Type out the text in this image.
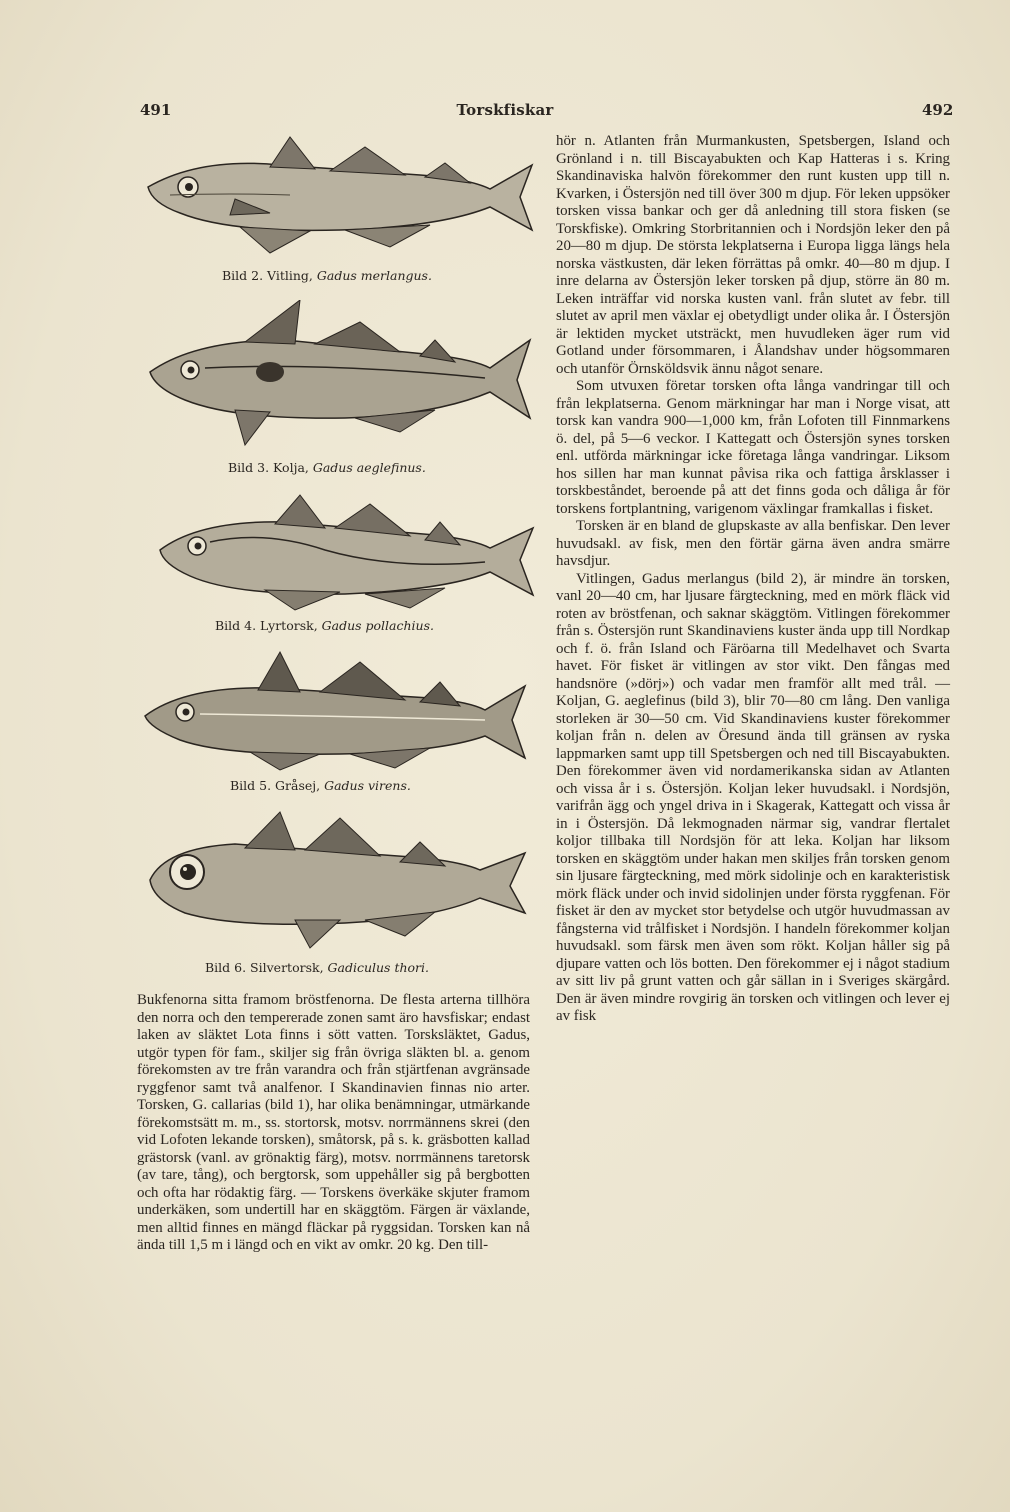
491	Torskfiskar	492
Bild 2. Vitling, Gadus merlangus.
Bild 3. Kolja, Gadus aeglefinus.
Bild 4. Lyrtorsk, Gadus pollachius.
Bild 5. Gråsej, Gadus virens.
Bild 6. Silvertorsk, Gadiculus thori.

Bukfenorna sitta framom bröstfenorna. De flesta arterna tillhöra den norra och den tempererade zonen samt äro havsfiskar; endast laken av släktet Lota finns i sött vatten. Torsksläktet, Gadus, utgör typen för fam., skiljer sig från övriga släkten bl. a. genom förekomsten av tre från varandra och från stjärtfenan avgränsade ryggfenor samt två analfenor. I Skandinavien finnas nio arter. Torsken, G. callarias (bild 1), har olika benämningar, utmärkande förekomstsätt m. m., ss. stortorsk, motsv. norrmännens skrei (den vid Lofoten lekande torsken), småtorsk, på s. k. gräsbotten kallad grästorsk (vanl. av grönaktig färg), motsv. norrmännens taretorsk (av tare, tång), och bergtorsk, som uppehåller sig på bergbotten och ofta har rödaktig färg. — Torskens överkäke skjuter framom underkäken, som undertill har en skäggtöm. Färgen är växlande, men alltid finnes en mängd fläckar på ryggsidan. Torsken kan nå ända till 1,5 m i längd och en vikt av omkr. 20 kg. Den till-

hör n. Atlanten från Murmankusten, Spetsbergen, Island och Grönland i n. till Biscayabukten och Kap Hatteras i s. Kring Skandinaviska halvön förekommer den runt kusten upp till n. Kvarken, i Östersjön ned till över 300 m djup. För leken uppsöker torsken vissa bankar och ger då anledning till stora fisken (se Torskfiske). Omkring Storbritannien och i Nordsjön leker den på 20—80 m djup. De största lekplatserna i Europa ligga längs hela norska västkusten, där leken förrättas på omkr. 40—80 m djup. I inre delarna av Östersjön leker torsken på djup, större än 80 m. Leken inträffar vid norska kusten vanl. från slutet av febr. till slutet av april men växlar ej obetydligt under olika år. I Östersjön är lektiden mycket utsträckt, men huvudleken äger rum vid Gotland under försommaren, i Ålandshav under högsommaren och utanför Örnsköldsvik ännu något senare.

Som utvuxen företar torsken ofta långa vandringar till och från lekplatserna. Genom märkningar har man i Norge visat, att torsk kan vandra 900—1,000 km, från Lofoten till Finnmarkens ö. del, på 5—6 veckor. I Kattegatt och Östersjön synes torsken enl. utförda märkningar icke företaga långa vandringar. Liksom hos sillen har man kunnat påvisa rika och fattiga årsklasser i torskbeståndet, beroende på att det finns goda och dåliga år för torskens fortplantning, varigenom växlingar framkallas i fisket.

Torsken är en bland de glupskaste av alla benfiskar. Den lever huvudsakl. av fisk, men den förtär gärna även andra smärre havsdjur.

Vitlingen, Gadus merlangus (bild 2), är mindre än torsken, vanl 20—40 cm, har ljusare färgteckning, med en mörk fläck vid roten av bröstfenan, och saknar skäggtöm. Vitlingen förekommer från s. Östersjön runt Skandinaviens kuster ända upp till Nordkap och f. ö. från Island och Färöarna till Medelhavet och Svarta havet. För fisket är vitlingen av stor vikt. Den fångas med handsnöre (»dörj») och vadar men framför allt med trål. — Koljan, G. aeglefinus (bild 3), blir 70—80 cm lång. Den vanliga storleken är 30—50 cm. Vid Skandinaviens kuster förekommer koljan från n. delen av Öresund ända till gränsen av ryska lappmarken samt upp till Spetsbergen och ned till Biscayabukten. Den förekommer även vid nordamerikanska sidan av Atlanten och vissa år i s. Östersjön. Koljan leker huvudsakl. i Nordsjön, varifrån ägg och yngel driva in i Skagerak, Kattegatt och vissa år in i Östersjön. Då lekmognaden närmar sig, vandrar flertalet koljor tillbaka till Nordsjön för att leka. Koljan har liksom torsken en skäggtöm under hakan men skiljes från torsken genom sin ljusare färgteckning, med mörk sidolinje och en karakteristisk mörk fläck under och invid sidolinjen under första ryggfenan. För fisket är den av mycket stor betydelse och utgör huvudmassan av fångsterna vid trålfisket i Nordsjön. I handeln förekommer koljan huvudsakl. som färsk men även som rökt. Koljan håller sig på djupare vatten och lös botten. Den förekommer ej i något stadium av sitt liv på grunt vatten och går sällan in i Sveriges skärgård. Den är även mindre rovgirig än torsken och vitlingen och lever ej av fisk
